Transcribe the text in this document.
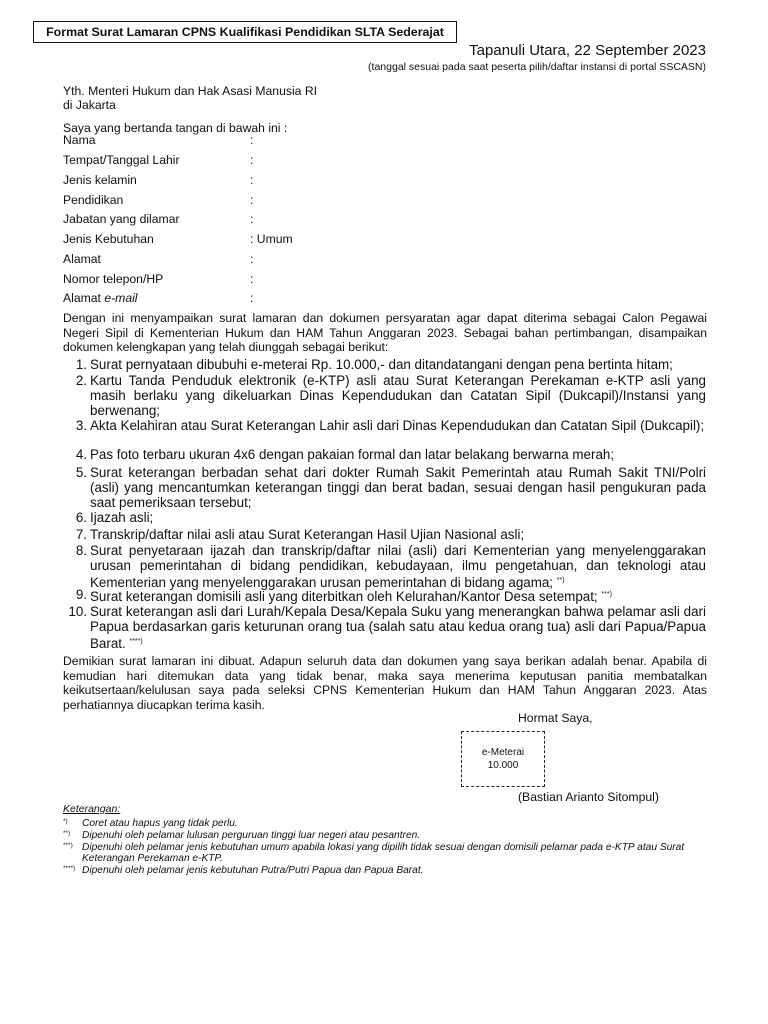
Format Surat Lamaran CPNS Kualifikasi Pendidikan SLTA Sederajat
Tapanuli Utara, 22 September 2023
(tanggal sesuai pada saat peserta pilih/daftar instansi di portal SSCASN)
Yth. Menteri Hukum dan Hak Asasi Manusia RI
di Jakarta
Saya yang bertanda tangan di bawah ini :
Nama	:
Tempat/Tanggal Lahir	:
Jenis kelamin	:
Pendidikan	:
Jabatan yang dilamar	:
Jenis Kebutuhan	: Umum
Alamat	:
Nomor telepon/HP	:
Alamat e-mail	:
Dengan ini menyampaikan surat lamaran dan dokumen persyaratan agar dapat diterima sebagai Calon Pegawai Negeri Sipil di Kementerian Hukum dan HAM Tahun Anggaran 2023. Sebagai bahan pertimbangan, disampaikan dokumen kelengkapan yang telah diunggah sebagai berikut:
1. Surat pernyataan dibubuhi e-meterai Rp. 10.000,- dan ditandatangani dengan pena bertinta hitam;
2. Kartu Tanda Penduduk elektronik (e-KTP) asli atau Surat Keterangan Perekaman e-KTP asli yang masih berlaku yang dikeluarkan Dinas Kependudukan dan Catatan Sipil (Dukcapil)/Instansi yang berwenang;
3. Akta Kelahiran atau Surat Keterangan Lahir asli dari Dinas Kependudukan dan Catatan Sipil (Dukcapil);
4. Pas foto terbaru ukuran 4x6 dengan pakaian formal dan latar belakang berwarna merah;
5. Surat keterangan berbadan sehat dari dokter Rumah Sakit Pemerintah atau Rumah Sakit TNI/Polri (asli) yang mencantumkan keterangan tinggi dan berat badan, sesuai dengan hasil pengukuran pada saat pemeriksaan tersebut;
6. Ijazah asli;
7. Transkrip/daftar nilai asli atau Surat Keterangan Hasil Ujian Nasional asli;
8. Surat penyetaraan ijazah dan transkrip/daftar nilai (asli) dari Kementerian yang menyelenggarakan urusan pemerintahan di bidang pendidikan, kebudayaan, ilmu pengetahuan, dan teknologi atau Kementerian yang menyelenggarakan urusan pemerintahan di bidang agama; **)
9. Surat keterangan domisili asli yang diterbitkan oleh Kelurahan/Kantor Desa setempat; ***)
10. Surat keterangan asli dari Lurah/Kepala Desa/Kepala Suku yang menerangkan bahwa pelamar asli dari Papua berdasarkan garis keturunan orang tua (salah satu atau kedua orang tua) asli dari Papua/Papua Barat. ****)
Demikian surat lamaran ini dibuat. Adapun seluruh data dan dokumen yang saya berikan adalah benar. Apabila di kemudian hari ditemukan data yang tidak benar, maka saya menerima keputusan panitia membatalkan keikutsertaan/kelulusan saya pada seleksi CPNS Kementerian Hukum dan HAM Tahun Anggaran 2023. Atas perhatiannya diucapkan terima kasih.
Hormat Saya,
e-Meterai
10.000
(Bastian Arianto Sitompul)
Keterangan:
*) Coret atau hapus yang tidak perlu.
**) Dipenuhi oleh pelamar lulusan perguruan tinggi luar negeri atau pesantren.
***) Dipenuhi oleh pelamar jenis kebutuhan umum apabila lokasi yang dipilih tidak sesuai dengan domisili pelamar pada e-KTP atau Surat Keterangan Perekaman e-KTP.
****) Dipenuhi oleh pelamar jenis kebutuhan Putra/Putri Papua dan Papua Barat.
